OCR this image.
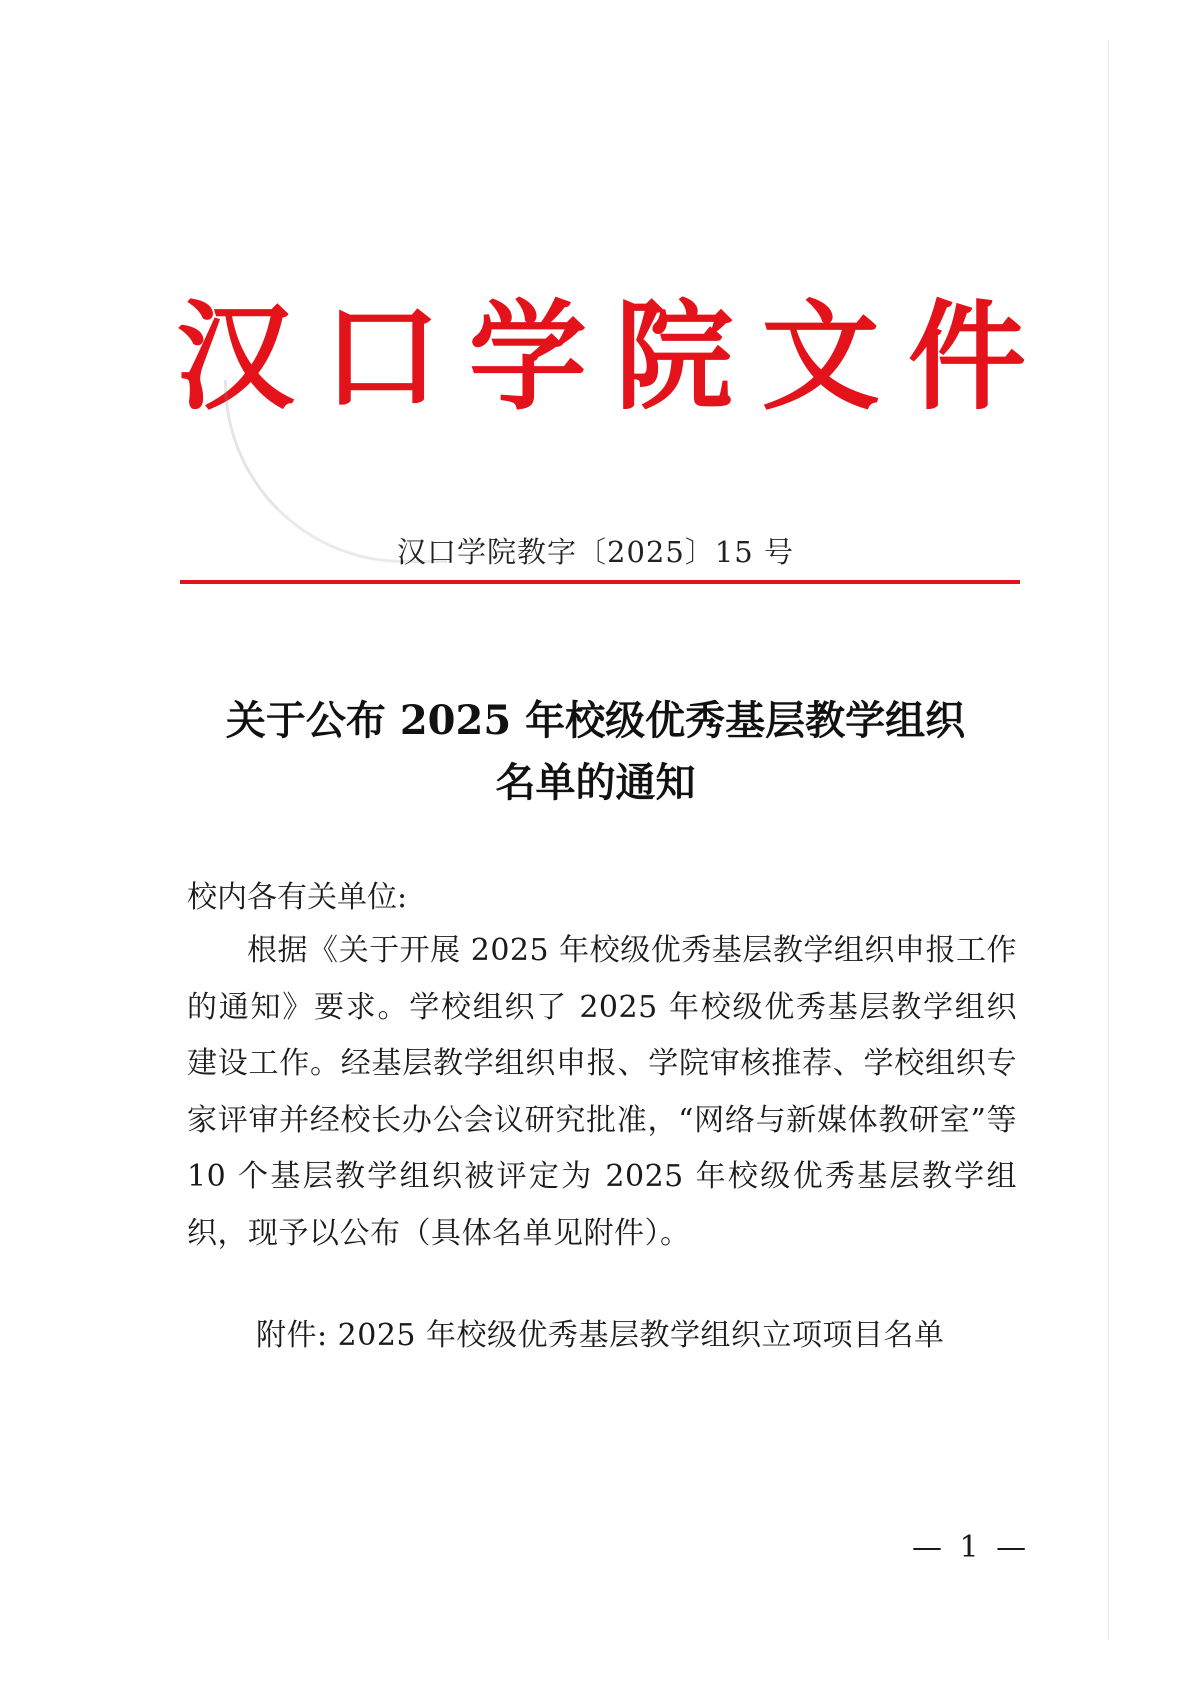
汉 口 学 院 文 件
汉口学院教字〔2025〕15 号
关于公布 2025 年校级优秀基层教学组织
名单的通知
校内各有关单位:
根据《关于开展 2025 年校级优秀基层教学组织申报工作的通知》要求。学校组织了 2025 年校级优秀基层教学组织建设工作。经基层教学组织申报、学院审核推荐、学校组织专家评审并经校长办公会议研究批准，“网络与新媒体教研室”等 10 个基层教学组织被评定为 2025 年校级优秀基层教学组织，现予以公布（具体名单见附件）。
附件: 2025 年校级优秀基层教学组织立项项目名单
— 1 —
